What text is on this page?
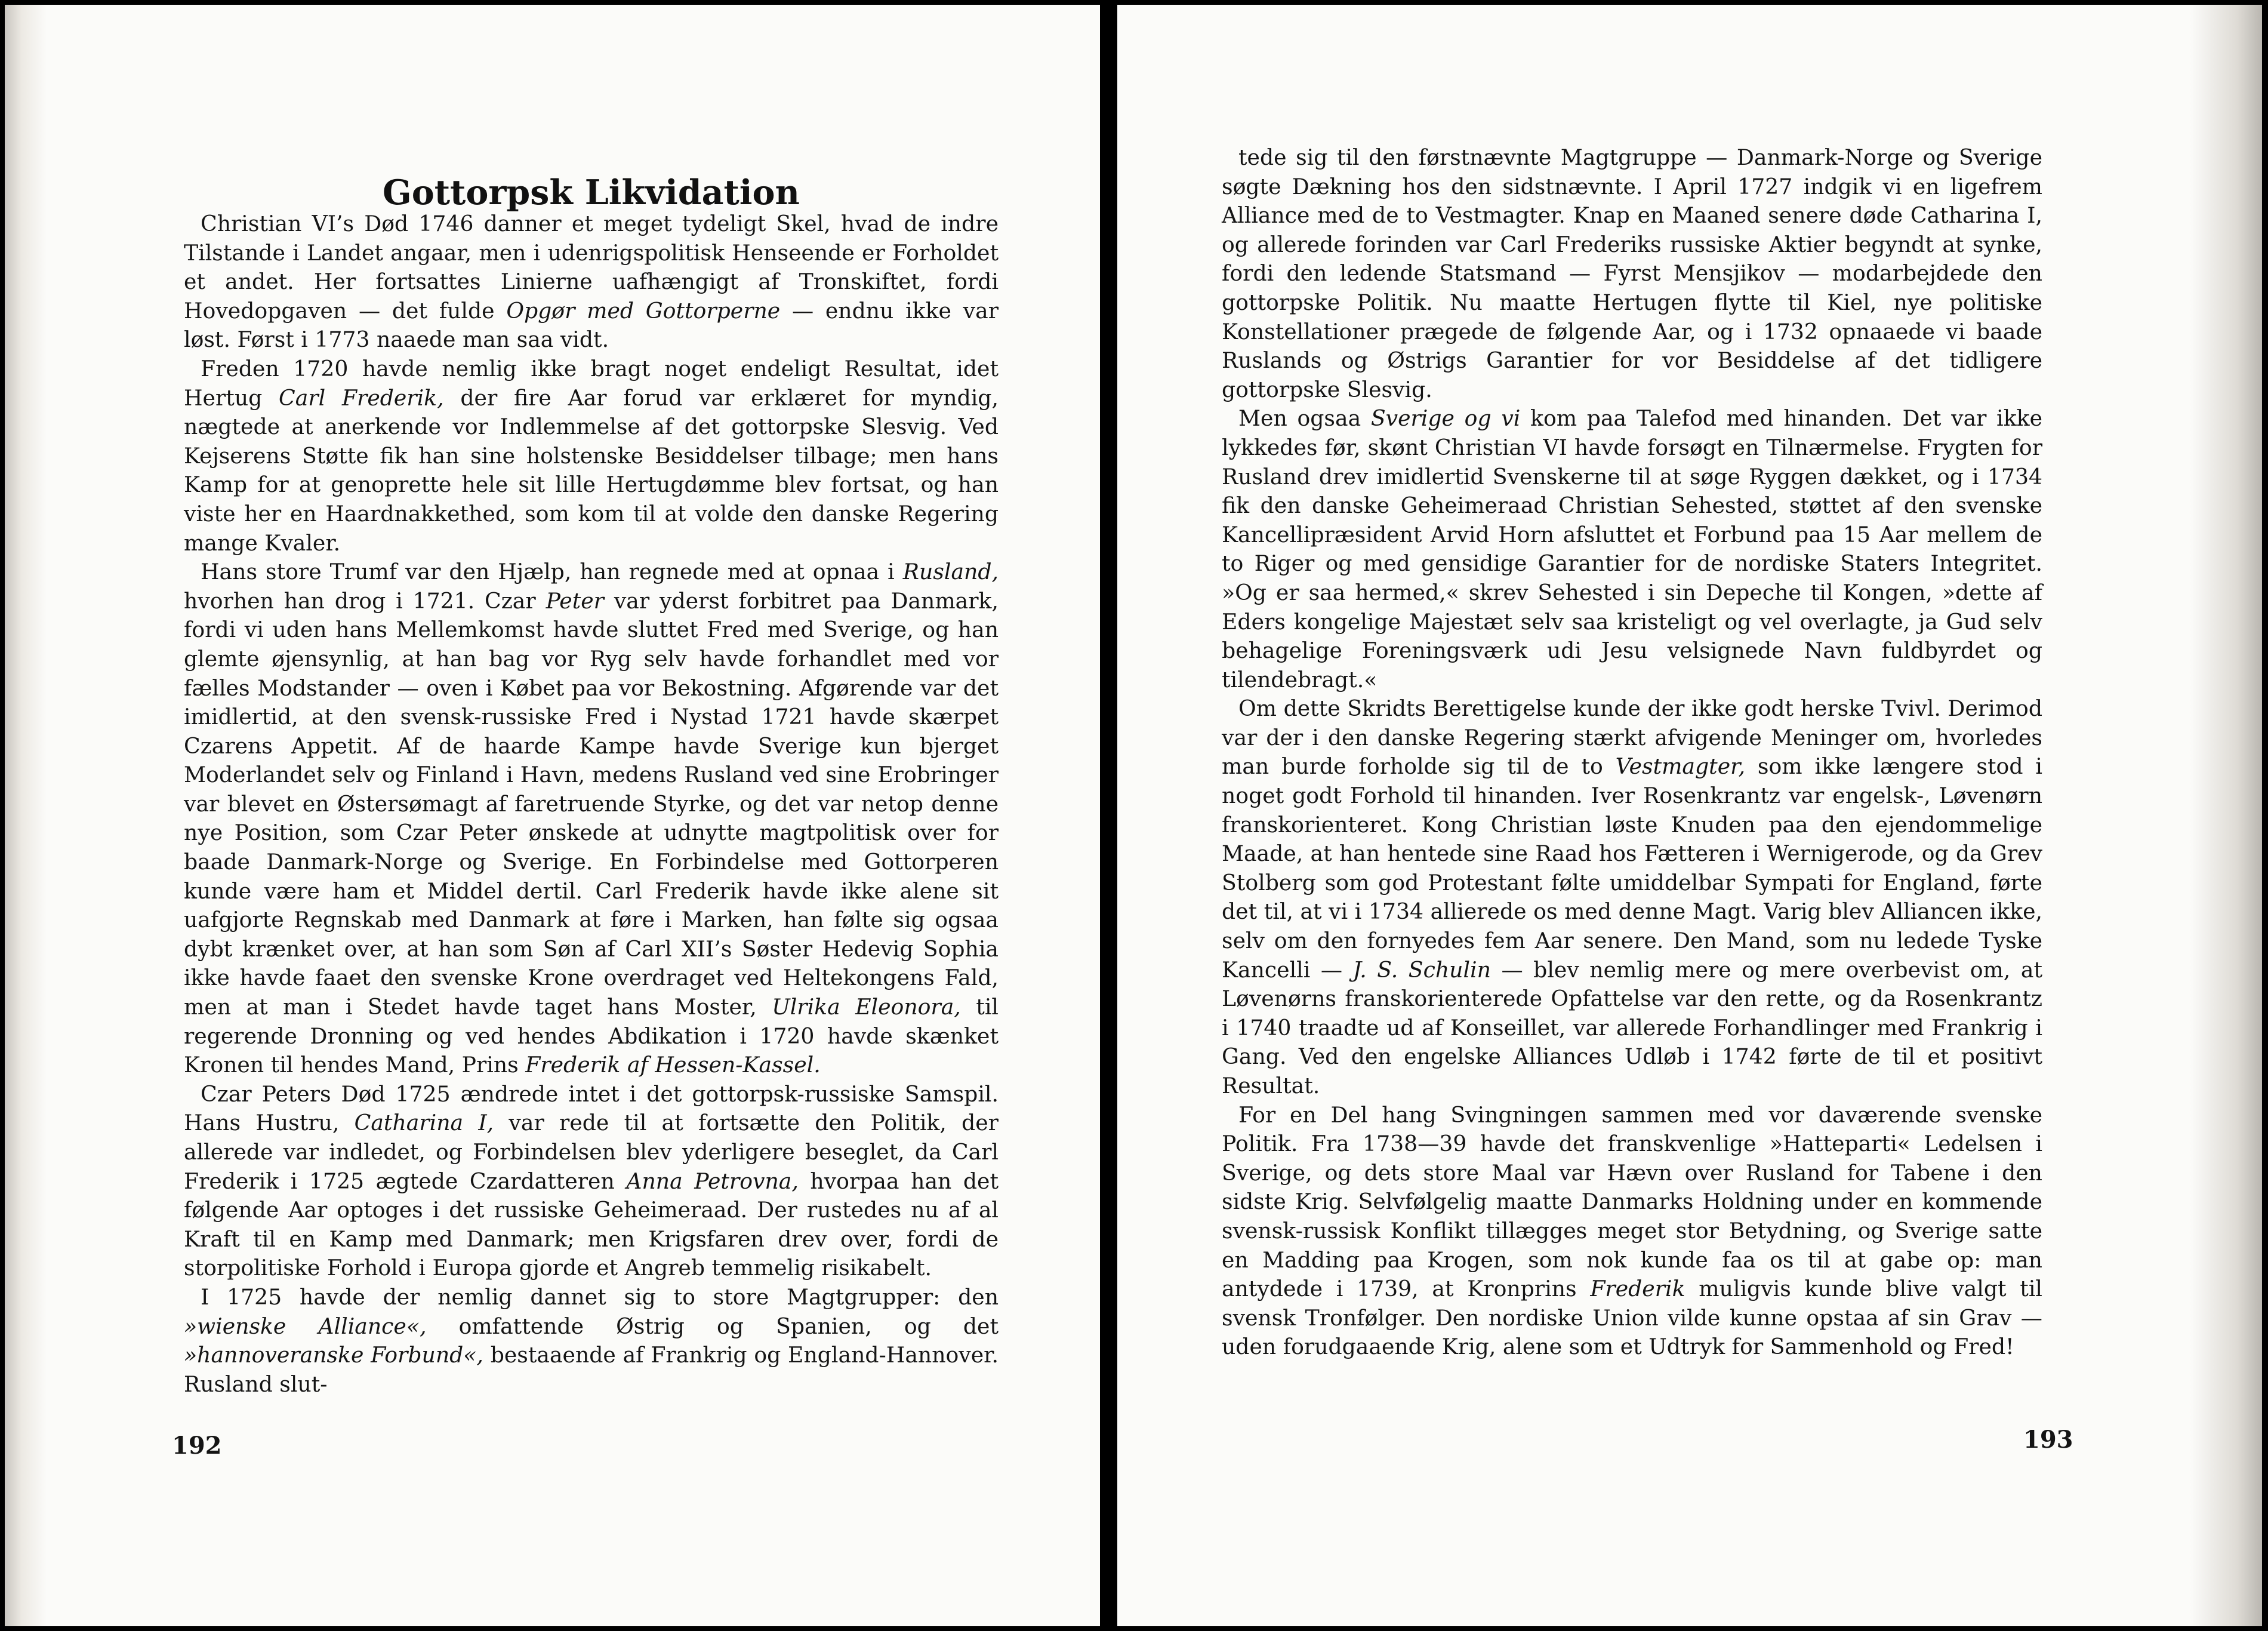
Gottorpsk Likvidation

Christian VI’s Død 1746 danner et meget tydeligt Skel, hvad de indre Tilstande i Landet angaar, men i udenrigspolitisk Henseende er Forholdet et andet. Her fortsattes Linierne uafhængigt af Tronskiftet, fordi Hovedopgaven — det fulde Opgør med Gottorperne — endnu ikke var løst. Først i 1773 naaede man saa vidt.

Freden 1720 havde nemlig ikke bragt noget endeligt Resultat, idet Hertug Carl Frederik, der fire Aar forud var erklæret for myndig, nægtede at anerkende vor Indlemmelse af det gottorpske Slesvig. Ved Kejserens Støtte fik han sine holstenske Besiddelser tilbage; men hans Kamp for at genoprette hele sit lille Hertugdømme blev fortsat, og han viste her en Haardnakkethed, som kom til at volde den danske Regering mange Kvaler.

Hans store Trumf var den Hjælp, han regnede med at opnaa i Rusland, hvorhen han drog i 1721. Czar Peter var yderst forbitret paa Danmark, fordi vi uden hans Mellemkomst havde sluttet Fred med Sverige, og han glemte øjensynlig, at han bag vor Ryg selv havde forhandlet med vor fælles Modstander — oven i Købet paa vor Bekostning. Afgørende var det imidlertid, at den svensk-russiske Fred i Nystad 1721 havde skærpet Czarens Appetit. Af de haarde Kampe havde Sverige kun bjerget Moderlandet selv og Finland i Havn, medens Rusland ved sine Erobringer var blevet en Østersømagt af faretruende Styrke, og det var netop denne nye Position, som Czar Peter ønskede at udnytte magtpolitisk over for baade Danmark-Norge og Sverige. En Forbindelse med Gottorperen kunde være ham et Middel dertil. Carl Frederik havde ikke alene sit uafgjorte Regnskab med Danmark at føre i Marken, han følte sig ogsaa dybt krænket over, at han som Søn af Carl XII’s Søster Hedevig Sophia ikke havde faaet den svenske Krone overdraget ved Heltekongens Fald, men at man i Stedet havde taget hans Moster, Ulrika Eleonora, til regerende Dronning og ved hendes Abdikation i 1720 havde skænket Kronen til hendes Mand, Prins Frederik af Hessen-Kassel.

Czar Peters Død 1725 ændrede intet i det gottorpsk-russiske Samspil. Hans Hustru, Catharina I, var rede til at fortsætte den Politik, der allerede var indledet, og Forbindelsen blev yderligere beseglet, da Carl Frederik i 1725 ægtede Czardatteren Anna Petrovna, hvorpaa han det følgende Aar optoges i det russiske Geheimeraad. Der rustedes nu af al Kraft til en Kamp med Danmark; men Krigsfaren drev over, fordi de storpolitiske Forhold i Europa gjorde et Angreb temmelig risikabelt.

I 1725 havde der nemlig dannet sig to store Magtgrupper: den »wienske Alliance«, omfattende Østrig og Spanien, og det »hannoveranske Forbund«, bestaaende af Frankrig og England-Hannover. Rusland slut-

192

tede sig til den førstnævnte Magtgruppe — Danmark-Norge og Sverige søgte Dækning hos den sidstnævnte. I April 1727 indgik vi en ligefrem Alliance med de to Vestmagter. Knap en Maaned senere døde Catharina I, og allerede forinden var Carl Frederiks russiske Aktier begyndt at synke, fordi den ledende Statsmand — Fyrst Mensjikov — modarbejdede den gottorpske Politik. Nu maatte Hertugen flytte til Kiel, nye politiske Konstellationer prægede de følgende Aar, og i 1732 opnaaede vi baade Ruslands og Østrigs Garantier for vor Besiddelse af det tidligere gottorpske Slesvig.

Men ogsaa Sverige og vi kom paa Talefod med hinanden. Det var ikke lykkedes før, skønt Christian VI havde forsøgt en Tilnærmelse. Frygten for Rusland drev imidlertid Svenskerne til at søge Ryggen dækket, og i 1734 fik den danske Geheimeraad Christian Sehested, støttet af den svenske Kancellipræsident Arvid Horn afsluttet et Forbund paa 15 Aar mellem de to Riger og med gensidige Garantier for de nordiske Staters Integritet. »Og er saa hermed,« skrev Sehested i sin Depeche til Kongen, »dette af Eders kongelige Majestæt selv saa kristeligt og vel overlagte, ja Gud selv behagelige Foreningsværk udi Jesu velsignede Navn fuldbyrdet og tilendebragt.«

Om dette Skridts Berettigelse kunde der ikke godt herske Tvivl. Derimod var der i den danske Regering stærkt afvigende Meninger om, hvorledes man burde forholde sig til de to Vestmagter, som ikke længere stod i noget godt Forhold til hinanden. Iver Rosenkrantz var engelsk-, Løvenørn franskorienteret. Kong Christian løste Knuden paa den ejendommelige Maade, at han hentede sine Raad hos Fætteren i Wernigerode, og da Grev Stolberg som god Protestant følte umiddelbar Sympati for England, førte det til, at vi i 1734 allierede os med denne Magt. Varig blev Alliancen ikke, selv om den fornyedes fem Aar senere. Den Mand, som nu ledede Tyske Kancelli — J. S. Schulin — blev nemlig mere og mere overbevist om, at Løvenørns franskorienterede Opfattelse var den rette, og da Rosenkrantz i 1740 traadte ud af Konseillet, var allerede Forhandlinger med Frankrig i Gang. Ved den engelske Alliances Udløb i 1742 førte de til et positivt Resultat.

For en Del hang Svingningen sammen med vor daværende svenske Politik. Fra 1738—39 havde det franskvenlige »Hatteparti« Ledelsen i Sverige, og dets store Maal var Hævn over Rusland for Tabene i den sidste Krig. Selvfølgelig maatte Danmarks Holdning under en kommende svensk-russisk Konflikt tillægges meget stor Betydning, og Sverige satte en Madding paa Krogen, som nok kunde faa os til at gabe op: man antydede i 1739, at Kronprins Frederik muligvis kunde blive valgt til svensk Tronfølger. Den nordiske Union vilde kunne opstaa af sin Grav — uden forudgaaende Krig, alene som et Udtryk for Sammenhold og Fred!

193
